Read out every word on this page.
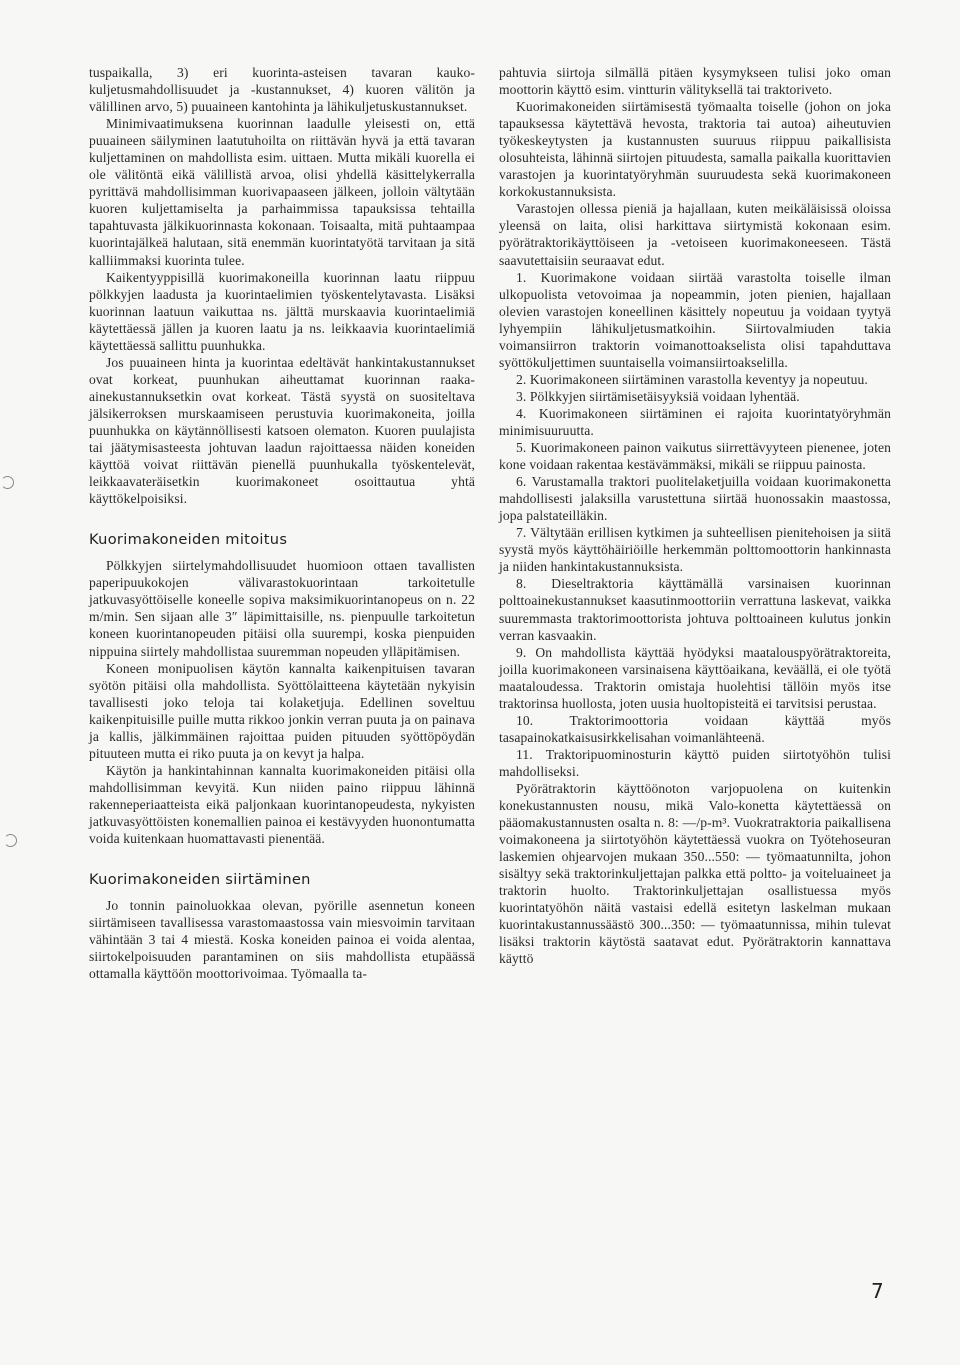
tuspaikalla, 3) eri kuorinta-asteisen tavaran kauko-kuljetusmahdollisuudet ja -kustannukset, 4) kuoren välitön ja välillinen arvo, 5) puuaineen kantohinta ja lähikuljetuskustannukset.

Minimivaatimuksena kuorinnan laadulle yleisesti on, että puuaineen säilyminen laatutuhoilta on riittävän hyvä ja että tavaran kuljettaminen on mahdollista esim. uittaen. Mutta mikäli kuorella ei ole välitöntä eikä välillistä arvoa, olisi yhdellä käsittelykerralla pyrittävä mahdollisimman kuorivapaaseen jälkeen, jolloin vältytään kuoren kuljettamiselta ja parhaimmissa tapauksissa tehtailla tapahtuvasta jälkikuorinnasta kokonaan. Toisaalta, mitä puhtaampaa kuorintajälkeä halutaan, sitä enemmän kuorintatyötä tarvitaan ja sitä kalliimmaksi kuorinta tulee.

Kaikentyyppisillä kuorimakoneilla kuorinnan laatu riippuu pölkkyjen laadusta ja kuorintaelimien työskentelytavasta. Lisäksi kuorinnan laatuun vaikuttaa ns. jälttä murskaavia kuorintaelimiä käytettäessä jällen ja kuoren laatu ja ns. leikkaavia kuorintaelimiä käytettäessä sallittu puunhukka.

Jos puuaineen hinta ja kuorintaa edeltävät hankintakustannukset ovat korkeat, puunhukan aiheuttamat kuorinnan raaka-ainekustannuksetkin ovat korkeat. Tästä syystä on suositeltava jälsikerroksen murskaamiseen perustuvia kuorimakoneita, joilla puunhukka on käytännöllisesti katsoen olematon. Kuoren puulajista tai jäätymisasteesta johtuvan laadun rajoittaessa näiden koneiden käyttöä voivat riittävän pienellä puunhukalla työskentelevät, leikkaavateräisetkin kuorimakoneet osoittautua yhtä käyttökelpoisiksi.

Kuorimakoneiden mitoitus

Pölkkyjen siirtelymahdollisuudet huomioon ottaen tavallisten paperipuukokojen välivarastokuorintaan tarkoitetulle jatkuvasyöttöiselle koneelle sopiva maksimikuorintanopeus on n. 22 m/min. Sen sijaan alle 3″ läpimittaisille, ns. pienpuulle tarkoitetun koneen kuorintanopeuden pitäisi olla suurempi, koska pienpuiden nippuina siirtely mahdollistaa suuremman nopeuden ylläpitämisen.

Koneen monipuolisen käytön kannalta kaikenpituisen tavaran syötön pitäisi olla mahdollista. Syöttölaitteena käytetään nykyisin tavallisesti joko teloja tai kolaketjuja. Edellinen soveltuu kaikenpituisille puille mutta rikkoo jonkin verran puuta ja on painava ja kallis, jälkimmäinen rajoittaa puiden pituuden syöttöpöydän pituuteen mutta ei riko puuta ja on kevyt ja halpa.

Käytön ja hankintahinnan kannalta kuorimakoneiden pitäisi olla mahdollisimman kevyitä. Kun niiden paino riippuu lähinnä rakenneperiaatteista eikä paljonkaan kuorintanopeudesta, nykyisten jatkuvasyöttöisten konemallien painoa ei kestävyyden huonontumatta voida kuitenkaan huomattavasti pienentää.

Kuorimakoneiden siirtäminen

Jo tonnin painoluokkaa olevan, pyörille asennetun koneen siirtämiseen tavallisessa varastomaastossa vain miesvoimin tarvitaan vähintään 3 tai 4 miestä. Koska koneiden painoa ei voida alentaa, siirtokelpoisuuden parantaminen on siis mahdollista etupäässä ottamalla käyttöön moottorivoimaa. Työmaalla ta-

pahtuvia siirtoja silmällä pitäen kysymykseen tulisi joko oman moottorin käyttö esim. vintturin välityksellä tai traktoriveto.

Kuorimakoneiden siirtämisestä työmaalta toiselle (johon on joka tapauksessa käytettävä hevosta, traktoria tai autoa) aiheutuvien työkeskeytysten ja kustannusten suuruus riippuu paikallisista olosuhteista, lähinnä siirtojen pituudesta, samalla paikalla kuorittavien varastojen ja kuorintatyöryhmän suuruudesta sekä kuorimakoneen korkokustannuksista.

Varastojen ollessa pieniä ja hajallaan, kuten meikäläisissä oloissa yleensä on laita, olisi harkittava siirtymistä kokonaan esim. pyörätraktorikäyttöiseen ja -vetoiseen kuorimakoneeseen. Tästä saavutettaisiin seuraavat edut.

1. Kuorimakone voidaan siirtää varastolta toiselle ilman ulkopuolista vetovoimaa ja nopeammin, joten pienien, hajallaan olevien varastojen koneellinen käsittely nopeutuu ja voidaan tyytyä lyhyempiin lähikuljetusmatkoihin. Siirtovalmiuden takia voimansiirron traktorin voimanottoakselista olisi tapahduttava syöttökuljettimen suuntaisella voimansiirtoakselilla.

2. Kuorimakoneen siirtäminen varastolla keventyy ja nopeutuu.

3. Pölkkyjen siirtämisetäisyyksiä voidaan lyhentää.

4. Kuorimakoneen siirtäminen ei rajoita kuorintatyöryhmän minimisuuruutta.

5. Kuorimakoneen painon vaikutus siirrettävyyteen pienenee, joten kone voidaan rakentaa kestävämmäksi, mikäli se riippuu painosta.

6. Varustamalla traktori puolitelaketjuilla voidaan kuorimakonetta mahdollisesti jalaksilla varustettuna siirtää huonossakin maastossa, jopa palstateilläkin.

7. Vältytään erillisen kytkimen ja suhteellisen pienitehoisen ja siitä syystä myös käyttöhäiriöille herkemmän polttomoottorin hankinnasta ja niiden hankintakustannuksista.

8. Dieseltraktoria käyttämällä varsinaisen kuorinnan polttoainekustannukset kaasutinmoottoriin verrattuna laskevat, vaikka suuremmasta traktorimoottorista johtuva polttoaineen kulutus jonkin verran kasvaakin.

9. On mahdollista käyttää hyödyksi maatalouspyörätraktoreita, joilla kuorimakoneen varsinaisena käyttöaikana, keväällä, ei ole työtä maataloudessa. Traktorin omistaja huolehtisi tällöin myös itse traktorinsa huollosta, joten uusia huoltopisteitä ei tarvitsisi perustaa.

10. Traktorimoottoria voidaan käyttää myös tasapainokatkaisusirkkelisahan voimanlähteenä.

11. Traktoripuominosturin käyttö puiden siirtotyöhön tulisi mahdolliseksi.

Pyörätraktorin käyttöönoton varjopuolena on kuitenkin konekustannusten nousu, mikä Valo-konetta käytettäessä on pääomakustannusten osalta n. 8: —/p-m³. Vuokratraktoria paikallisena voimakoneena ja siirtotyöhön käytettäessä vuokra on Työtehoseuran laskemien ohjearvojen mukaan 350...550: — työmaatunnilta, johon sisältyy sekä traktorinkuljettajan palkka että poltto- ja voiteluaineet ja traktorin huolto. Traktorinkuljettajan osallistuessa myös kuorintatyöhön näitä vastaisi edellä esitetyn laskelman mukaan kuorintakustannussäästö 300...350: — työmaatunnissa, mihin tulevat lisäksi traktorin käytöstä saatavat edut. Pyörätraktorin kannattava käyttö

7
